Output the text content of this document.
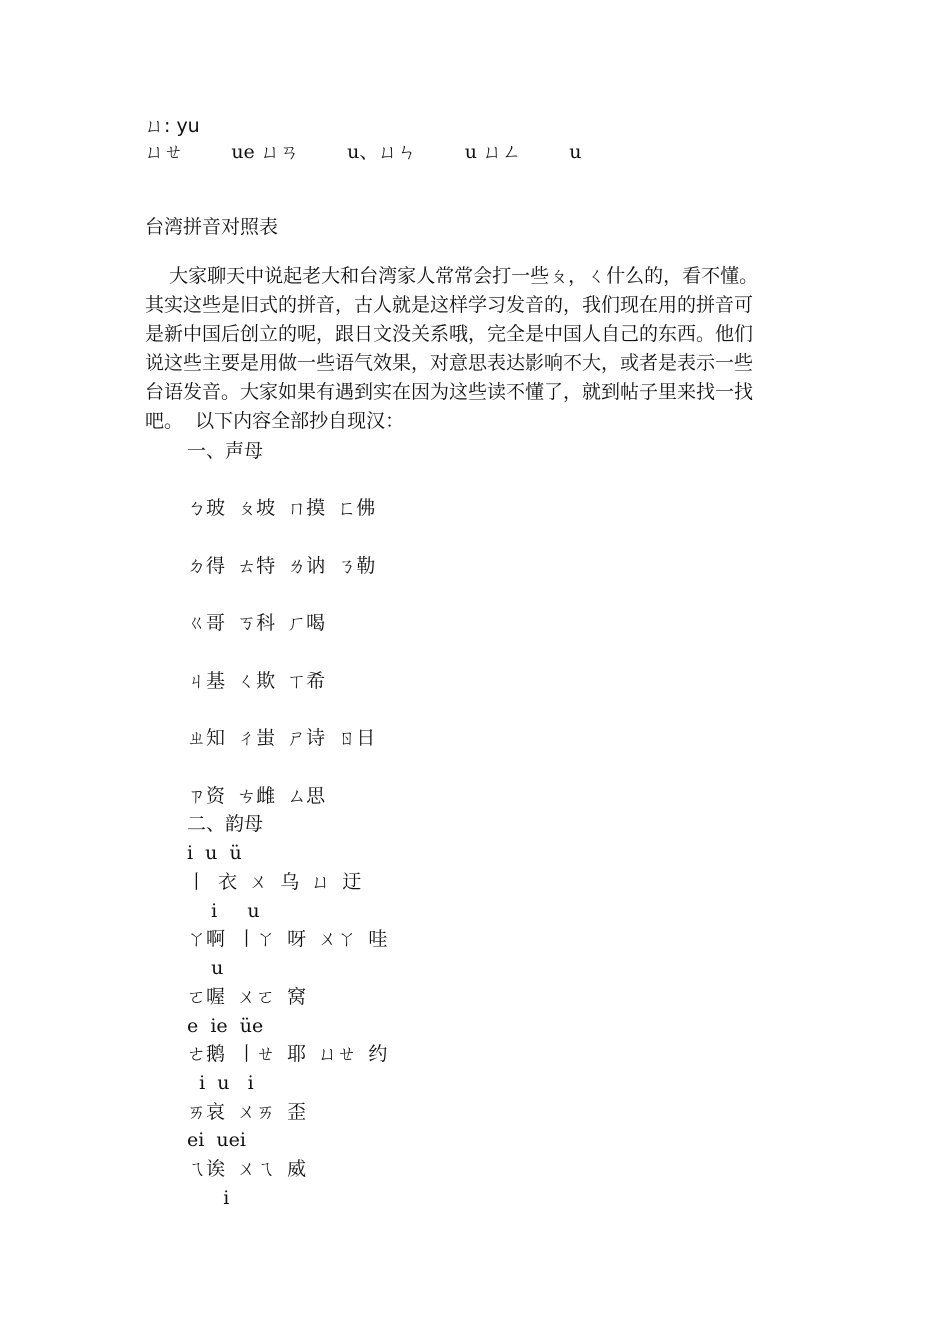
ㄩ: yu
ㄩㄝ        ue ㄩㄢ        u、ㄩㄣ        u ㄩㄥ        u
台湾拼音对照表
大家聊天中说起老大和台湾家人常常会打一些ㄆ，ㄑ什么的，看不懂。
其实这些是旧式的拼音，古人就是这样学习发音的，我们现在用的拼音可
是新中国后创立的呢，跟日文没关系哦，完全是中国人自己的东西。他们
说这些主要是用做一些语气效果，对意思表达影响不大，或者是表示一些
台语发音。大家如果有遇到实在因为这些读不懂了，就到帖子里来找一找
吧。  以下内容全部抄自现汉：
一、声母
ㄅ玻  ㄆ坡  ㄇ摸  ㄈ佛
ㄉ得  ㄊ特  ㄌ讷  ㄋ勒
ㄍ哥  ㄎ科  ㄏ喝
ㄐ基  ㄑ欺  ㄒ希
ㄓ知  ㄔ蚩  ㄕ诗  ㄖ日
ㄗ资  ㄘ雌  ㄙ思
二、韵母
i  u  ü
丨  衣  ㄨ  乌  ㄩ  迂
i     u
ㄚ啊  丨ㄚ  呀  ㄨㄚ  哇
u
ㄛ喔  ㄨㄛ  窝
e  ie  üe
ㄜ鹅  丨ㄝ  耶  ㄩㄝ  约
i  u   i
ㄞ哀  ㄨㄞ  歪
ei  uei
ㄟ诶  ㄨㄟ  威
i
